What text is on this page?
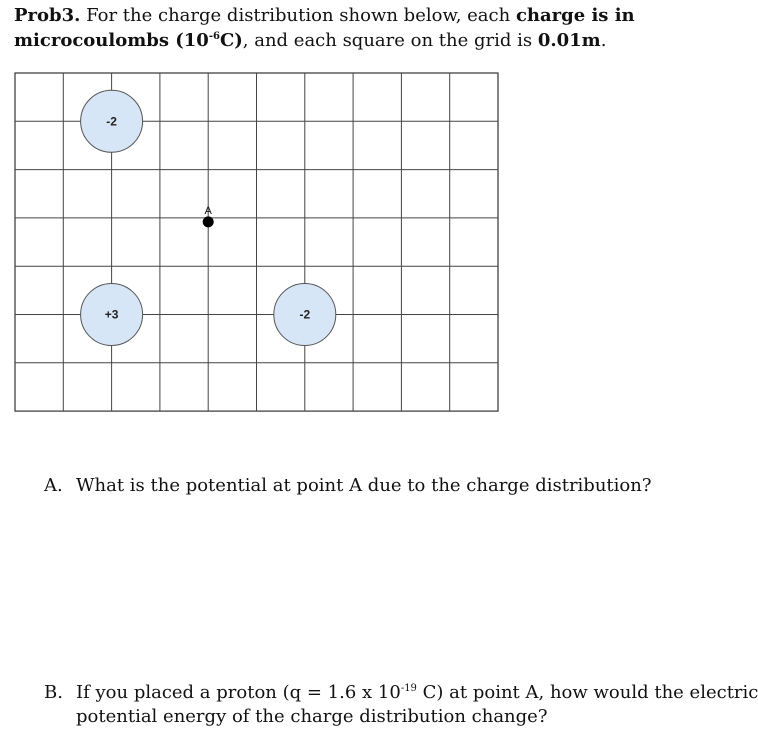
Prob3. For the charge distribution shown below, each charge is in
microcoulombs $(10^{-6}C)$, and each square on the grid is 0.01m.
-2
+3	-2
A
A. What is the potential at point A due to the charge distribution?
B. If you placed a proton (q = 1.6 x $10^{-19}$ C) at point A, how would the electric
potential energy of the charge distribution change?
